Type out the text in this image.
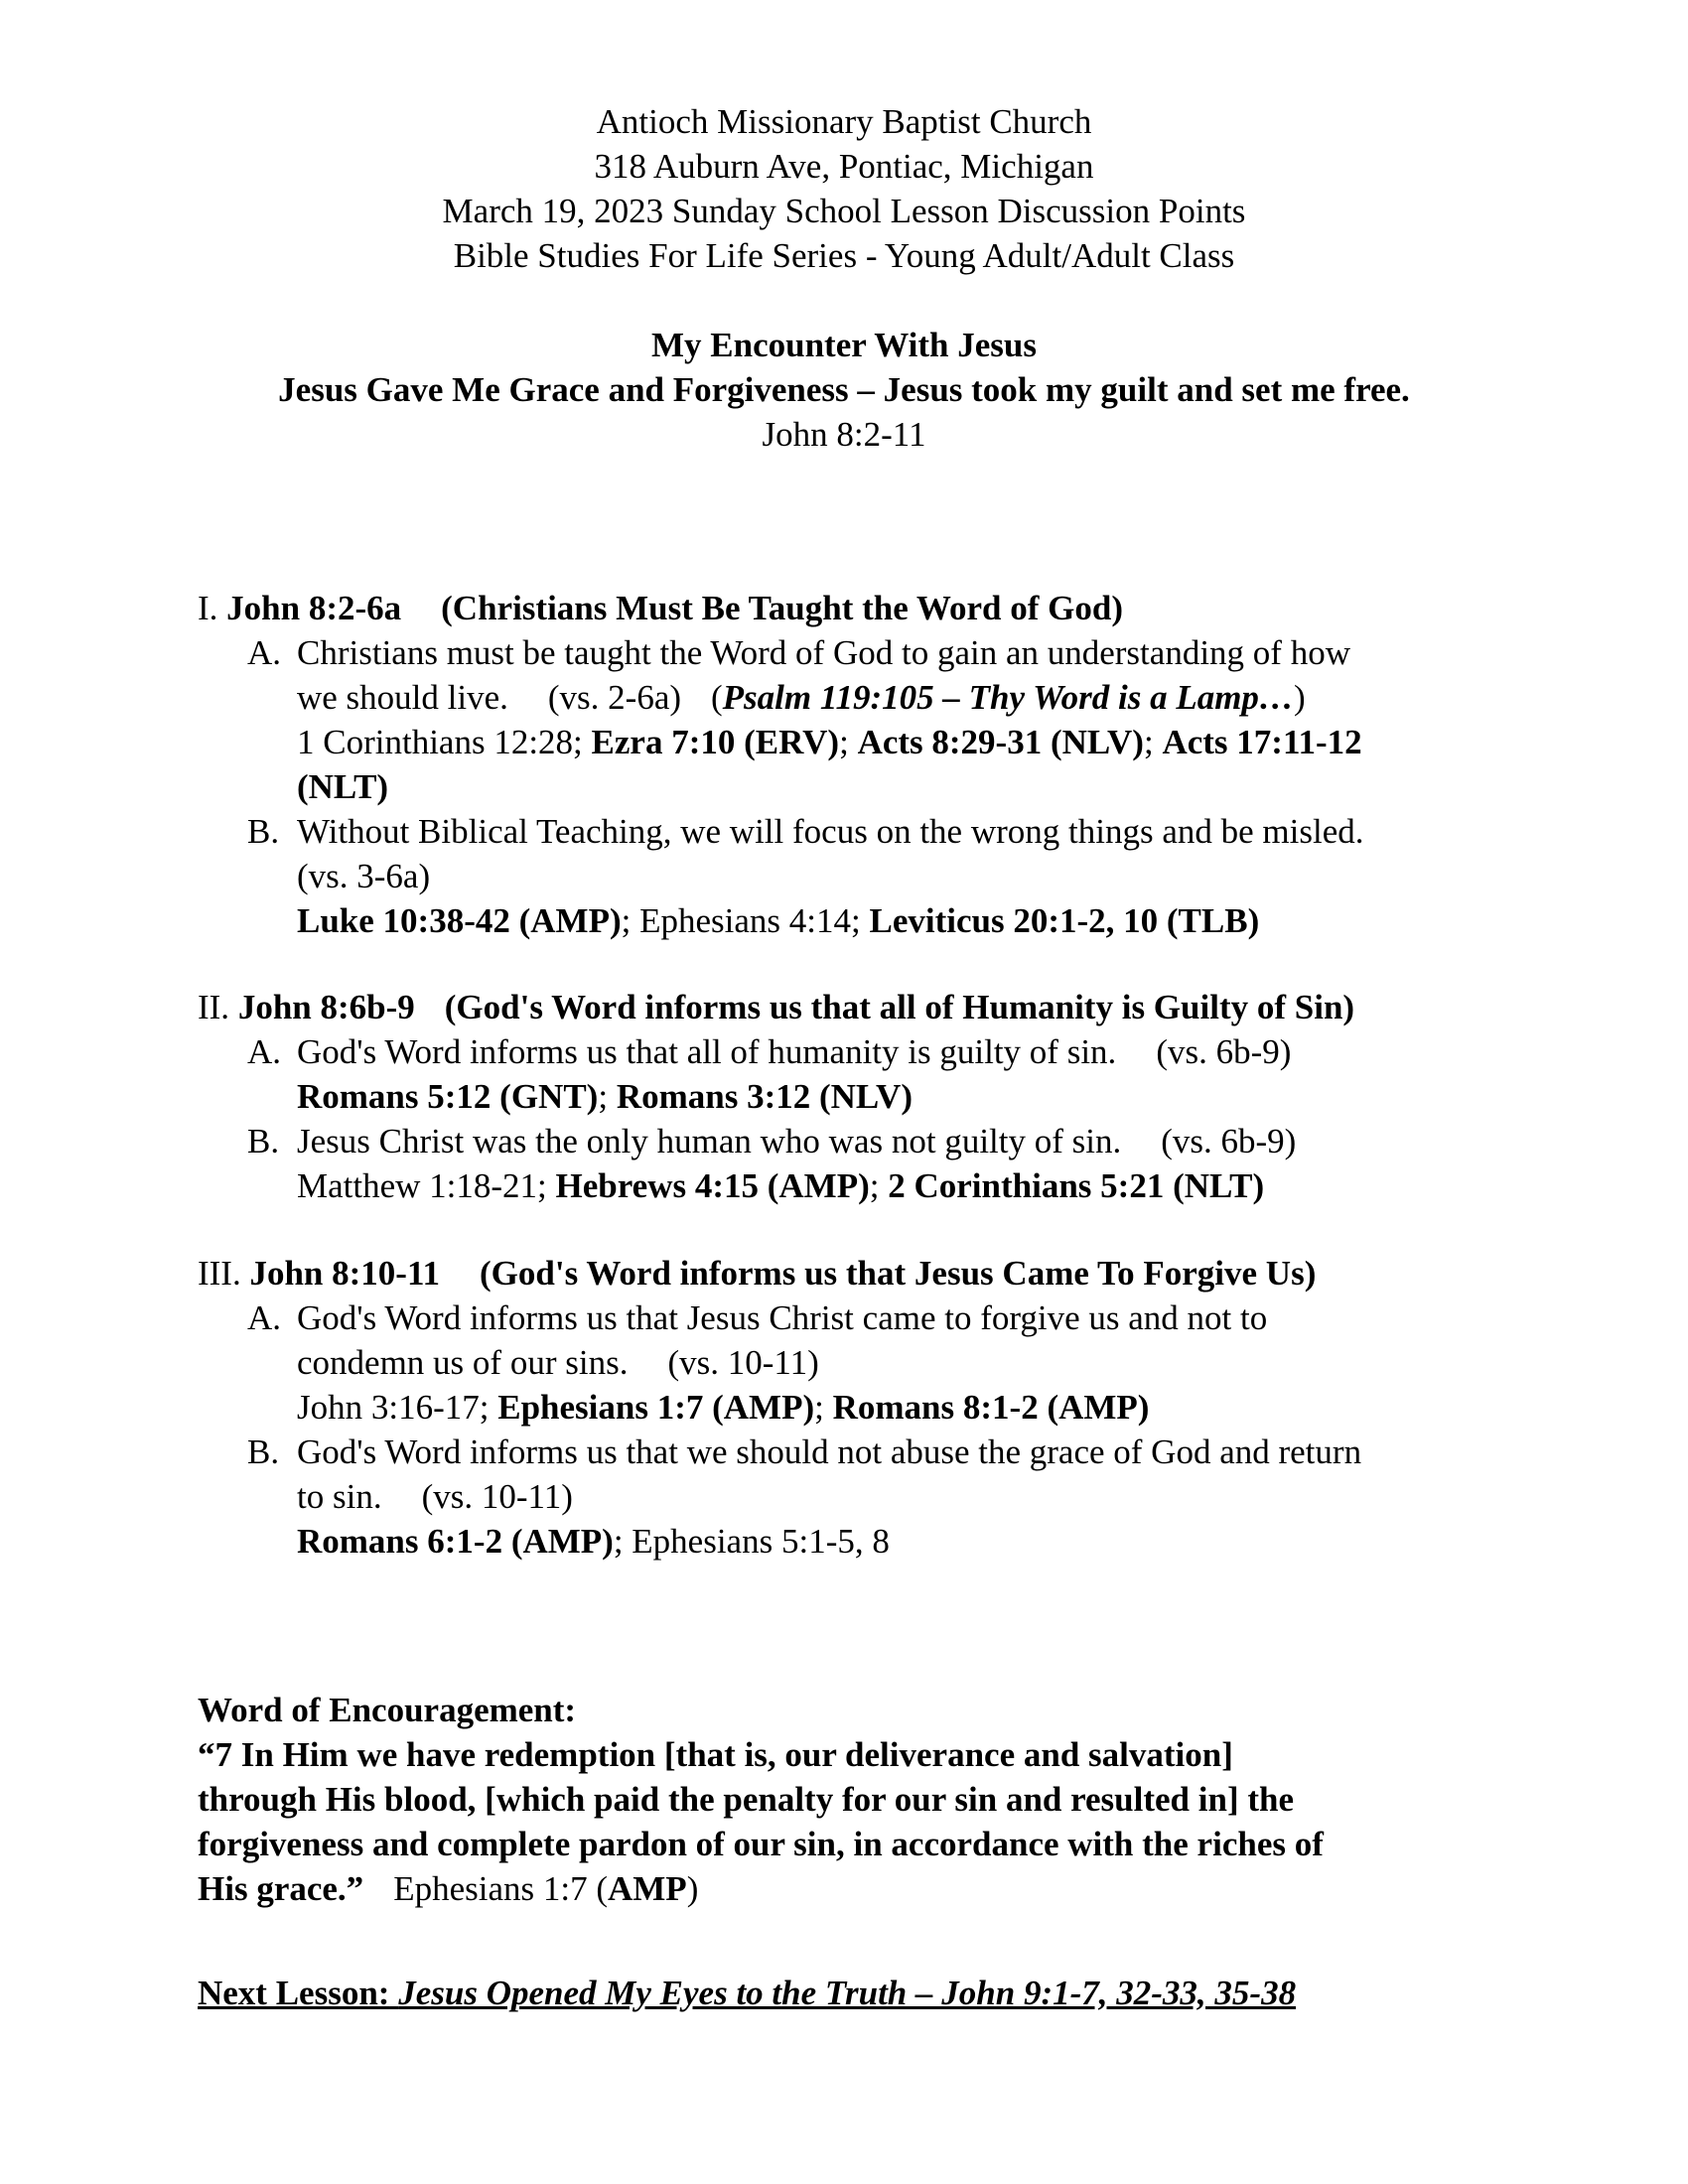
Antioch Missionary Baptist Church
318 Auburn Ave, Pontiac, Michigan
March 19, 2023 Sunday School Lesson Discussion Points
Bible Studies For Life Series - Young Adult/Adult Class
My Encounter With Jesus
Jesus Gave Me Grace and Forgiveness – Jesus took my guilt and set me free.
John 8:2-11
I. John 8:2-6a (Christians Must Be Taught the Word of God)
A. Christians must be taught the Word of God to gain an understanding of how
we should live. (vs. 2-6a) (Psalm 119:105 – Thy Word is a Lamp…)
1 Corinthians 12:28; Ezra 7:10 (ERV); Acts 8:29-31 (NLV); Acts 17:11-12
(NLT)
B. Without Biblical Teaching, we will focus on the wrong things and be misled.
(vs. 3-6a)
Luke 10:38-42 (AMP); Ephesians 4:14; Leviticus 20:1-2, 10 (TLB)
II. John 8:6b-9 (God's Word informs us that all of Humanity is Guilty of Sin)
A. God's Word informs us that all of humanity is guilty of sin. (vs. 6b-9)
Romans 5:12 (GNT); Romans 3:12 (NLV)
B. Jesus Christ was the only human who was not guilty of sin. (vs. 6b-9)
Matthew 1:18-21; Hebrews 4:15 (AMP); 2 Corinthians 5:21 (NLT)
III. John 8:10-11 (God's Word informs us that Jesus Came To Forgive Us)
A. God's Word informs us that Jesus Christ came to forgive us and not to
condemn us of our sins. (vs. 10-11)
John 3:16-17; Ephesians 1:7 (AMP); Romans 8:1-2 (AMP)
B. God's Word informs us that we should not abuse the grace of God and return
to sin. (vs. 10-11)
Romans 6:1-2 (AMP); Ephesians 5:1-5, 8
Word of Encouragement:
“7 In Him we have redemption [that is, our deliverance and salvation]
through His blood, [which paid the penalty for our sin and resulted in] the
forgiveness and complete pardon of our sin, in accordance with the riches of
His grace.” Ephesians 1:7 (AMP)
Next Lesson: Jesus Opened My Eyes to the Truth – John 9:1-7, 32-33, 35-38
